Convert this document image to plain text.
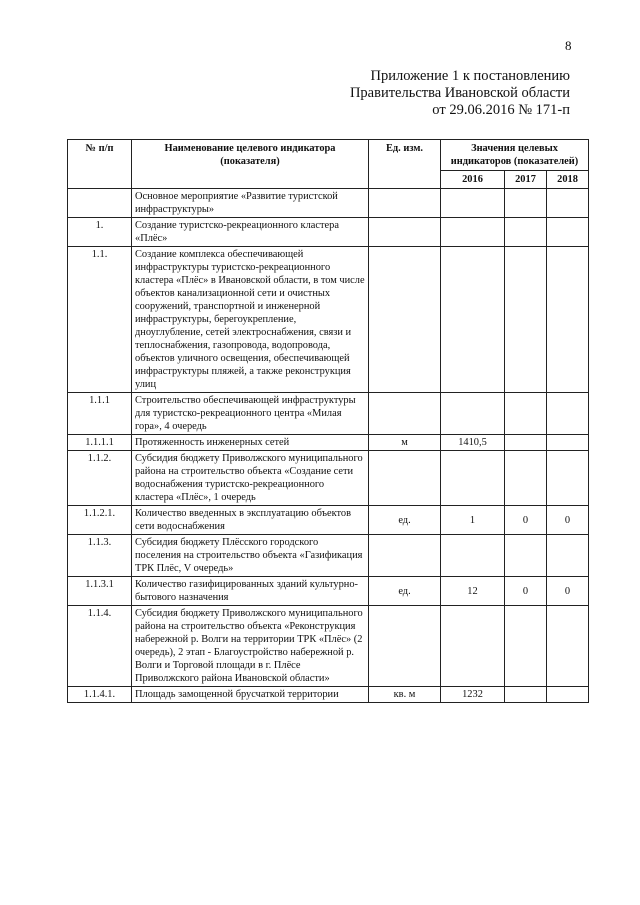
8
Приложение 1 к постановлению
Правительства Ивановской области
от 29.06.2016 № 171-п
№ п/п	Наименование целевого индикатора (показателя)	Ед. изм.	Значения целевых индикаторов (показателей)		
			2016	2017	2018
	Основное мероприятие «Развитие туристской инфраструктуры»				
1.	Создание туристско-рекреационного кластера «Плёс»				
1.1.	Создание комплекса обеспечивающей инфраструктуры туристско-рекреационного кластера «Плёс» в Ивановской области, в том числе объектов канализационной сети и очистных сооружений, транспортной и инженерной инфраструктуры, берегоукрепление, дноуглубление, сетей электроснабжения, связи и теплоснабжения, газопровода, водопровода, объектов уличного освещения, обеспечивающей инфраструктуры пляжей, а также реконструкция улиц				
1.1.1	Строительство обеспечивающей инфраструктуры для туристско-рекреационного центра «Милая гора», 4 очередь				
1.1.1.1	Протяженность инженерных сетей	м	1410,5		
1.1.2.	Субсидия бюджету Приволжского муниципального района на строительство объекта «Создание сети водоснабжения туристско-рекреационного кластера «Плёс», 1 очередь				
1.1.2.1.	Количество введенных в эксплуатацию объектов сети водоснабжения	ед.	1	0	0
1.1.3.	Субсидия бюджету Плёсского городского поселения на строительство объекта «Газификация ТРК Плёс, V очередь»				
1.1.3.1	Количество газифицированных зданий культурно-бытового назначения	ед.	12	0	0
1.1.4.	Субсидия бюджету Приволжского муниципального района на строительство объекта «Реконструкция набережной р. Волги на территории ТРК «Плёс» (2 очередь), 2 этап - Благоустройство набережной р. Волги и Торговой площади в г. Плёсе Приволжского района Ивановской области»				
1.1.4.1.	Площадь замощенной брусчаткой территории	кв. м	1232		
